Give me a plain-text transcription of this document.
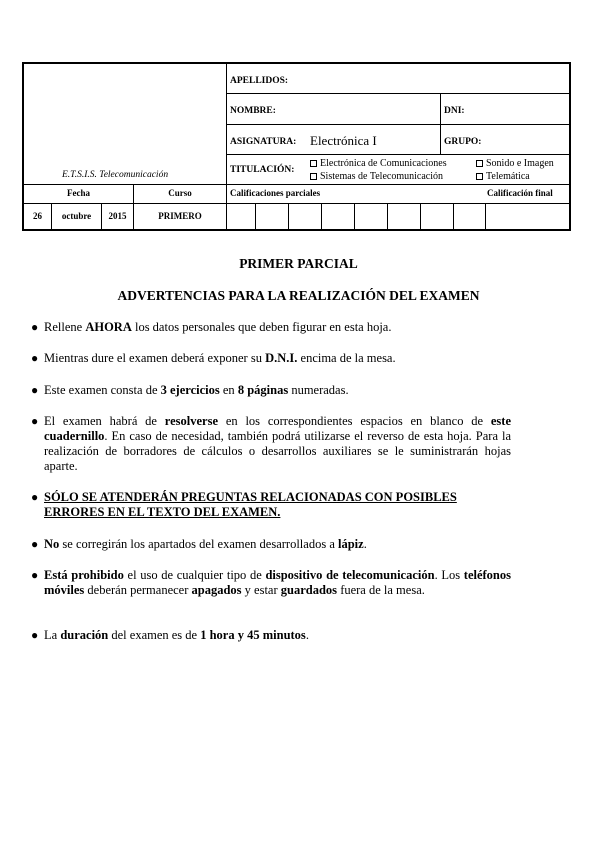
E.T.S.I.S. Telecomunicación
APELLIDOS:
NOMBRE:	DNI:
ASIGNATURA: Electrónica I	GRUPO:
TITULACIÓN:
Electrónica de Comunicaciones	Sonido e Imagen
Sistemas de Telecomunicación	Telemática
Fecha	Curso	Calificaciones parciales	Calificación final
26	octubre	2015	PRIMERO
PRIMER PARCIAL
ADVERTENCIAS PARA LA REALIZACIÓN DEL EXAMEN
● Rellene AHORA los datos personales que deben figurar en esta hoja.
● Mientras dure el examen deberá exponer su D.N.I. encima de la mesa.
● Este examen consta de 3 ejercicios en 8 páginas numeradas.
● El examen habrá de resolverse en los correspondientes espacios en blanco de este cuadernillo. En caso de necesidad, también podrá utilizarse el reverso de esta hoja. Para la realización de borradores de cálculos o desarrollos auxiliares se le suministrarán hojas aparte.
● SÓLO SE ATENDERÁN PREGUNTAS RELACIONADAS CON POSIBLES ERRORES EN EL TEXTO DEL EXAMEN.
● No se corregirán los apartados del examen desarrollados a lápiz.
● Está prohibido el uso de cualquier tipo de dispositivo de telecomunicación. Los teléfonos móviles deberán permanecer apagados y estar guardados fuera de la mesa.
● La duración del examen es de 1 hora y 45 minutos.
